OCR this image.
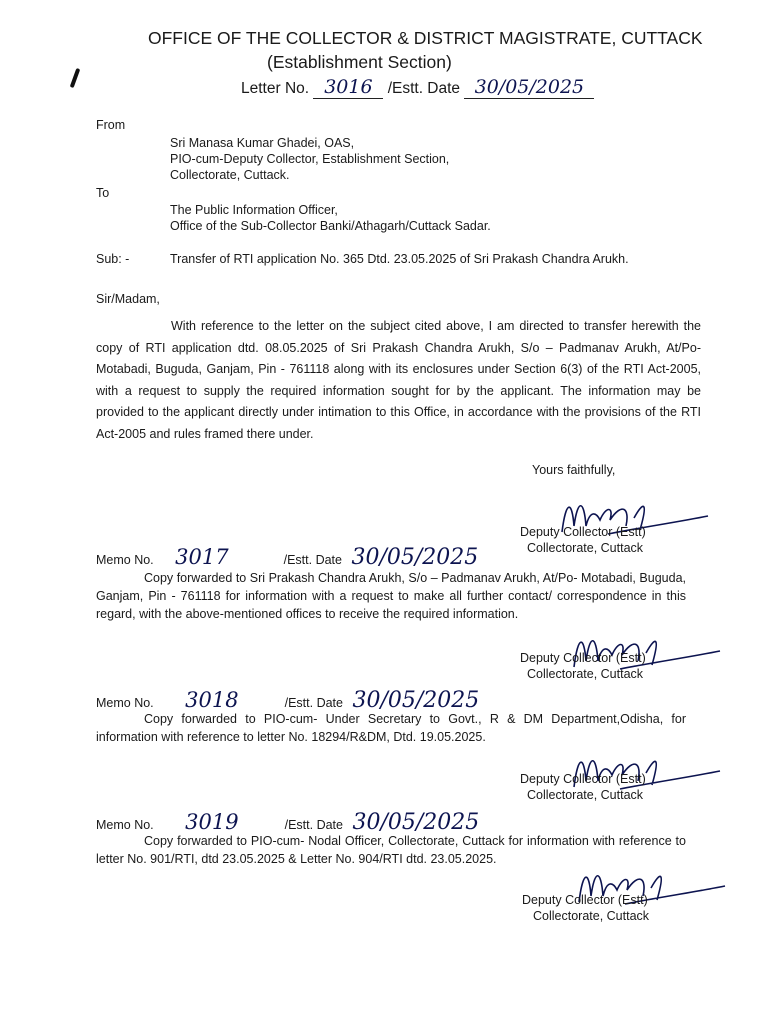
OFFICE OF THE COLLECTOR & DISTRICT MAGISTRATE, CUTTACK
(Establishment Section)
Letter No. 3016 /Estt. Date 30/05/2025
From
Sri Manasa Kumar Ghadei, OAS,
PIO-cum-Deputy Collector, Establishment Section,
Collectorate, Cuttack.
To
The Public Information Officer,
Office of the Sub-Collector Banki/Athagarh/Cuttack Sadar.
Sub: -	Transfer of RTI application No. 365 Dtd. 23.05.2025 of Sri Prakash Chandra Arukh.
Sir/Madam,
With reference to the letter on the subject cited above, I am directed to transfer herewith the copy of RTI application dtd. 08.05.2025 of Sri Prakash Chandra Arukh, S/o – Padmanav Arukh, At/Po- Motabadi, Buguda, Ganjam, Pin - 761118 along with its enclosures under Section 6(3) of the RTI Act-2005, with a request to supply the required information sought for by the applicant. The information may be provided to the applicant directly under intimation to this Office, in accordance with the provisions of the RTI Act-2005 and rules framed there under.
Yours faithfully,
Deputy Collector (Estt)
Collectorate, Cuttack
Memo No. 3017	/Estt. Date 30/05/2025
Copy forwarded to Sri Prakash Chandra Arukh, S/o – Padmanav Arukh, At/Po- Motabadi, Buguda, Ganjam, Pin - 761118 for information with a request to make all further contact/ correspondence in this regard, with the above-mentioned offices to receive the required information.
Deputy Collector (Estt)
Collectorate, Cuttack
Memo No. 3018	/Estt. Date 30/05/2025
Copy forwarded to PIO-cum- Under Secretary to Govt., R & DM Department,Odisha, for information with reference to letter No. 18294/R&DM, Dtd. 19.05.2025.
Deputy Collector (Estt)
Collectorate, Cuttack
Memo No. 3019	/Estt. Date 30/05/2025
Copy forwarded to PIO-cum- Nodal Officer, Collectorate, Cuttack for information with reference to letter No. 901/RTI, dtd 23.05.2025 & Letter No. 904/RTI dtd. 23.05.2025.
Deputy Collector (Estt)
Collectorate, Cuttack
